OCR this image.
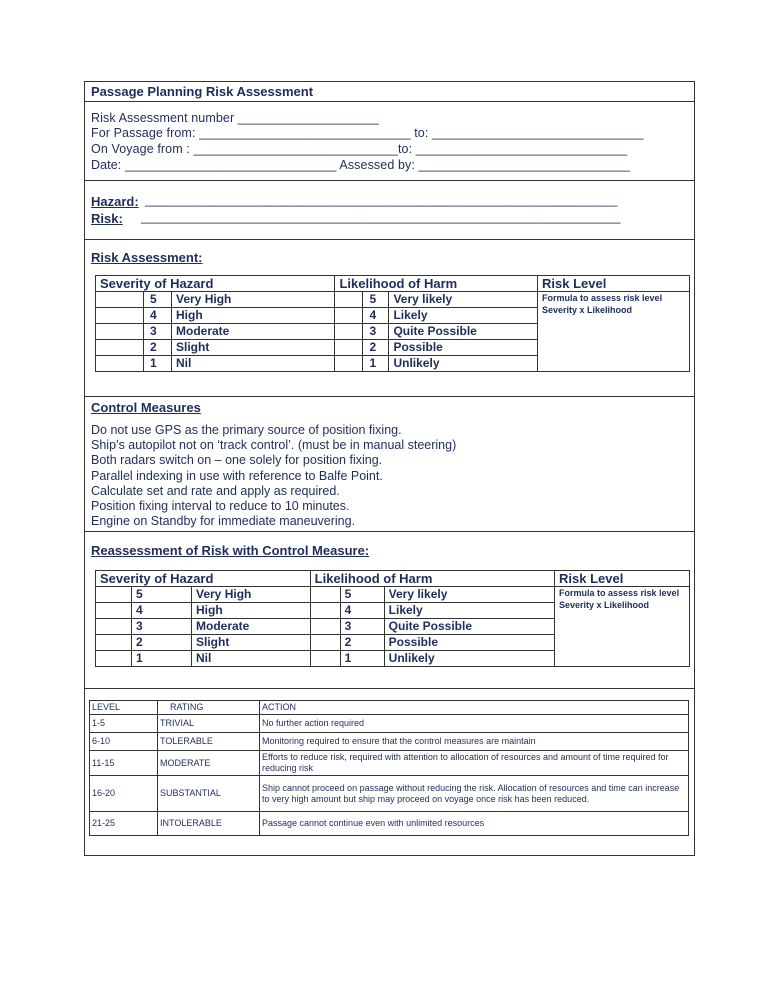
Passage Planning Risk Assessment
Risk Assessment number ____________________
For Passage from: ______________________________ to: ______________________________
On Voyage from : _____________________________to: ______________________________
Date: ______________________________ Assessed by: ______________________________
Hazard: ___________________________________________________________________
Risk: ____________________________________________________________________
Risk Assessment:
Severity of Hazard			Likelihood of Harm			Risk Level
	5	Very High		5	Very likely	Formula to assess risk level Severity x Likelihood
	4	High		4	Likely	
	3	Moderate		3	Quite Possible	
	2	Slight		2	Possible	
	1	Nil		1	Unlikely	
Control Measures
Do not use GPS as the primary source of position fixing.
Ship’s autopilot not on ‘track control’. (must be in manual steering)
Both radars switch on – one solely for position fixing.
Parallel indexing in use with reference to Balfe Point.
Calculate set and rate and apply as required.
Position fixing interval to reduce to 10 minutes.
Engine on Standby for immediate maneuvering.
Reassessment of Risk with Control Measure:
Severity of Hazard			Likelihood of Harm			Risk Level
	5	Very High		5	Very likely	Formula to assess risk level Severity x Likelihood
	4	High		4	Likely	
	3	Moderate		3	Quite Possible	
	2	Slight		2	Possible	
	1	Nil		1	Unlikely	
LEVEL	RATING	ACTION
1-5	TRIVIAL	No further action required
6-10	TOLERABLE	Monitoring required to ensure that the control measures are maintain
11-15	MODERATE	Efforts to reduce risk, required with attention to allocation of resources and amount of time required for reducing risk
16-20	SUBSTANTIAL	Ship cannot proceed on passage without reducing the risk. Allocation of resources and time can increase to very high amount but ship may proceed on voyage once risk has been reduced.
21-25	INTOLERABLE	Passage cannot continue even with unlimited resources
